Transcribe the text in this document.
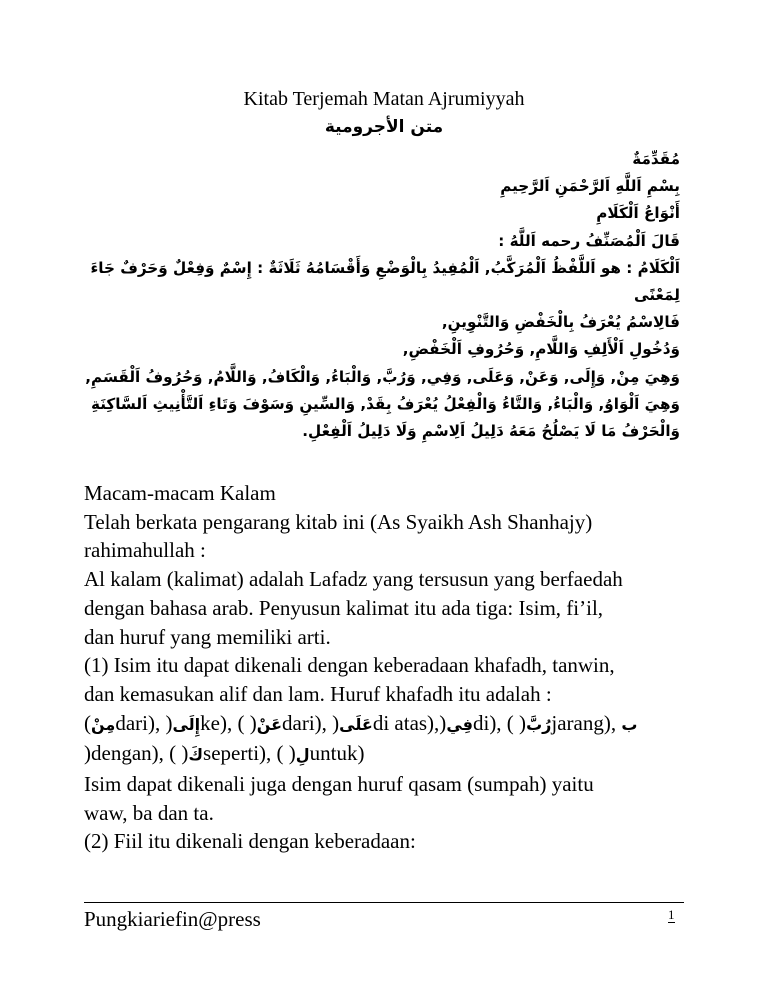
Kitab Terjemah Matan Ajrumiyyah
متن الأجرومية

مُقَدِّمَةٌ

بِسْمِ اَللَّهِ اَلرَّحْمَنِ اَلرَّحِيمِ

أَنْوَاعُ اَلْكَلَامِ

قَالَ اَلْمُصَنِّفُ رحمه اَللَّهُ :

اَلْكَلَامُ : هو اَللَّفْظُ اَلْمُرَكَّبُ, اَلْمُفِيدُ بِالْوَضْعِ وَأَقْسَامُهُ ثَلَاثَةٌ : إِسْمٌ وَفِعْلٌ وَحَرْفٌ جَاءَ لِمَعْنًى

فَالِاسْمُ يُعْرَفُ بِالْخَفْضِ وَالتَّنْوِينِ,

وَدُخُولِ اَلْأَلِفِ وَاللَّامِ, وَحُرُوفِ اَلْخَفْضِ,

وَهِيَ مِنْ, وَإِلَى, وَعَنْ, وَعَلَى, وَفِي, وَرُبَّ, وَالْبَاءُ, وَالْكَافُ, وَاللَّامُ, وَحُرُوفُ اَلْقَسَمِ,

وَهِيَ اَلْوَاوُ, وَالْبَاءُ, وَالتَّاءُ وَالْفِعْلُ يُعْرَفُ بِقَدْ, وَالسِّينِ وَسَوْفَ وَتَاءِ اَلتَّأْنِيثِ اَلسَّاكِنَةِ

وَالْحَرْفُ مَا لَا يَصْلُحُ مَعَهُ دَلِيلُ اَلِاسْمِ وَلَا دَلِيلُ اَلْفِعْلِ.

Macam-macam Kalam

Telah berkata pengarang kitab ini (As Syaikh Ash Shanhajy)

rahimahullah :

Al kalam (kalimat) adalah Lafadz yang tersusun yang berfaedah

dengan bahasa arab. Penyusun kalimat itu ada tiga: Isim, fi’il,

dan huruf yang memiliki arti.

(1) Isim itu dapat dikenali dengan keberadaan khafadh, tanwin,

dan kemasukan alif dan lam. Huruf khafadh itu adalah :

(مِنْdari), )إِلَىke), ( )عَنْdari), )عَلَىdi atas),)فِيdi), ( )رُبَّjarang), ب

)dengan), ( )كَseperti), ( )لِuntuk)

Isim dapat dikenali juga dengan huruf qasam (sumpah) yaitu

waw, ba dan ta.

(2) Fiil itu dikenali dengan keberadaan:

Pungkiariefin@press	1
